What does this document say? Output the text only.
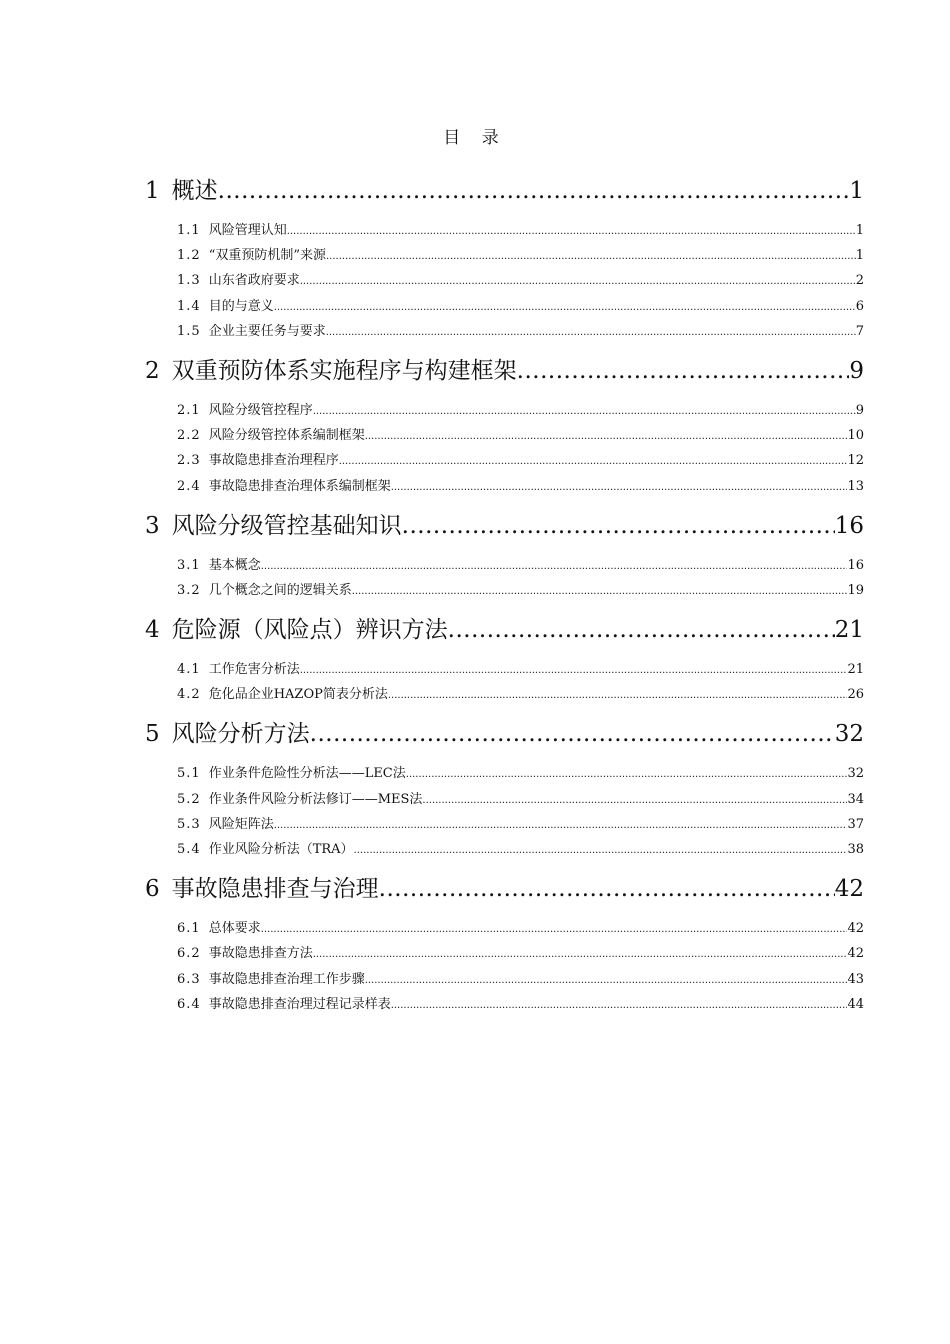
目 录
1 概述 .....	1
1.1 风险管理认知 .....	1
1.2 “双重预防机制”来源 .....	1
1.3 山东省政府要求 .....	2
1.4 目的与意义 .....	6
1.5 企业主要任务与要求 .....	7
2 双重预防体系实施程序与构建框架 .....	9
2.1 风险分级管控程序 .....	9
2.2 风险分级管控体系编制框架 .....	10
2.3 事故隐患排查治理程序 .....	12
2.4 事故隐患排查治理体系编制框架 .....	13
3 风险分级管控基础知识 .....	16
3.1 基本概念 .....	16
3.2 几个概念之间的逻辑关系 .....	19
4 危险源（风险点）辨识方法 .....	21
4.1 工作危害分析法 .....	21
4.2 危化品企业HAZOP简表分析法 .....	26
5 风险分析方法 .....	32
5.1 作业条件危险性分析法——LEC法 .....	32
5.2 作业条件风险分析法修订——MES法 .....	34
5.3 风险矩阵法 .....	37
5.4 作业风险分析法（TRA） .....	38
6 事故隐患排查与治理 .....	42
6.1 总体要求 .....	42
6.2 事故隐患排查方法 .....	42
6.3 事故隐患排查治理工作步骤 .....	43
6.4 事故隐患排查治理过程记录样表 .....	44
